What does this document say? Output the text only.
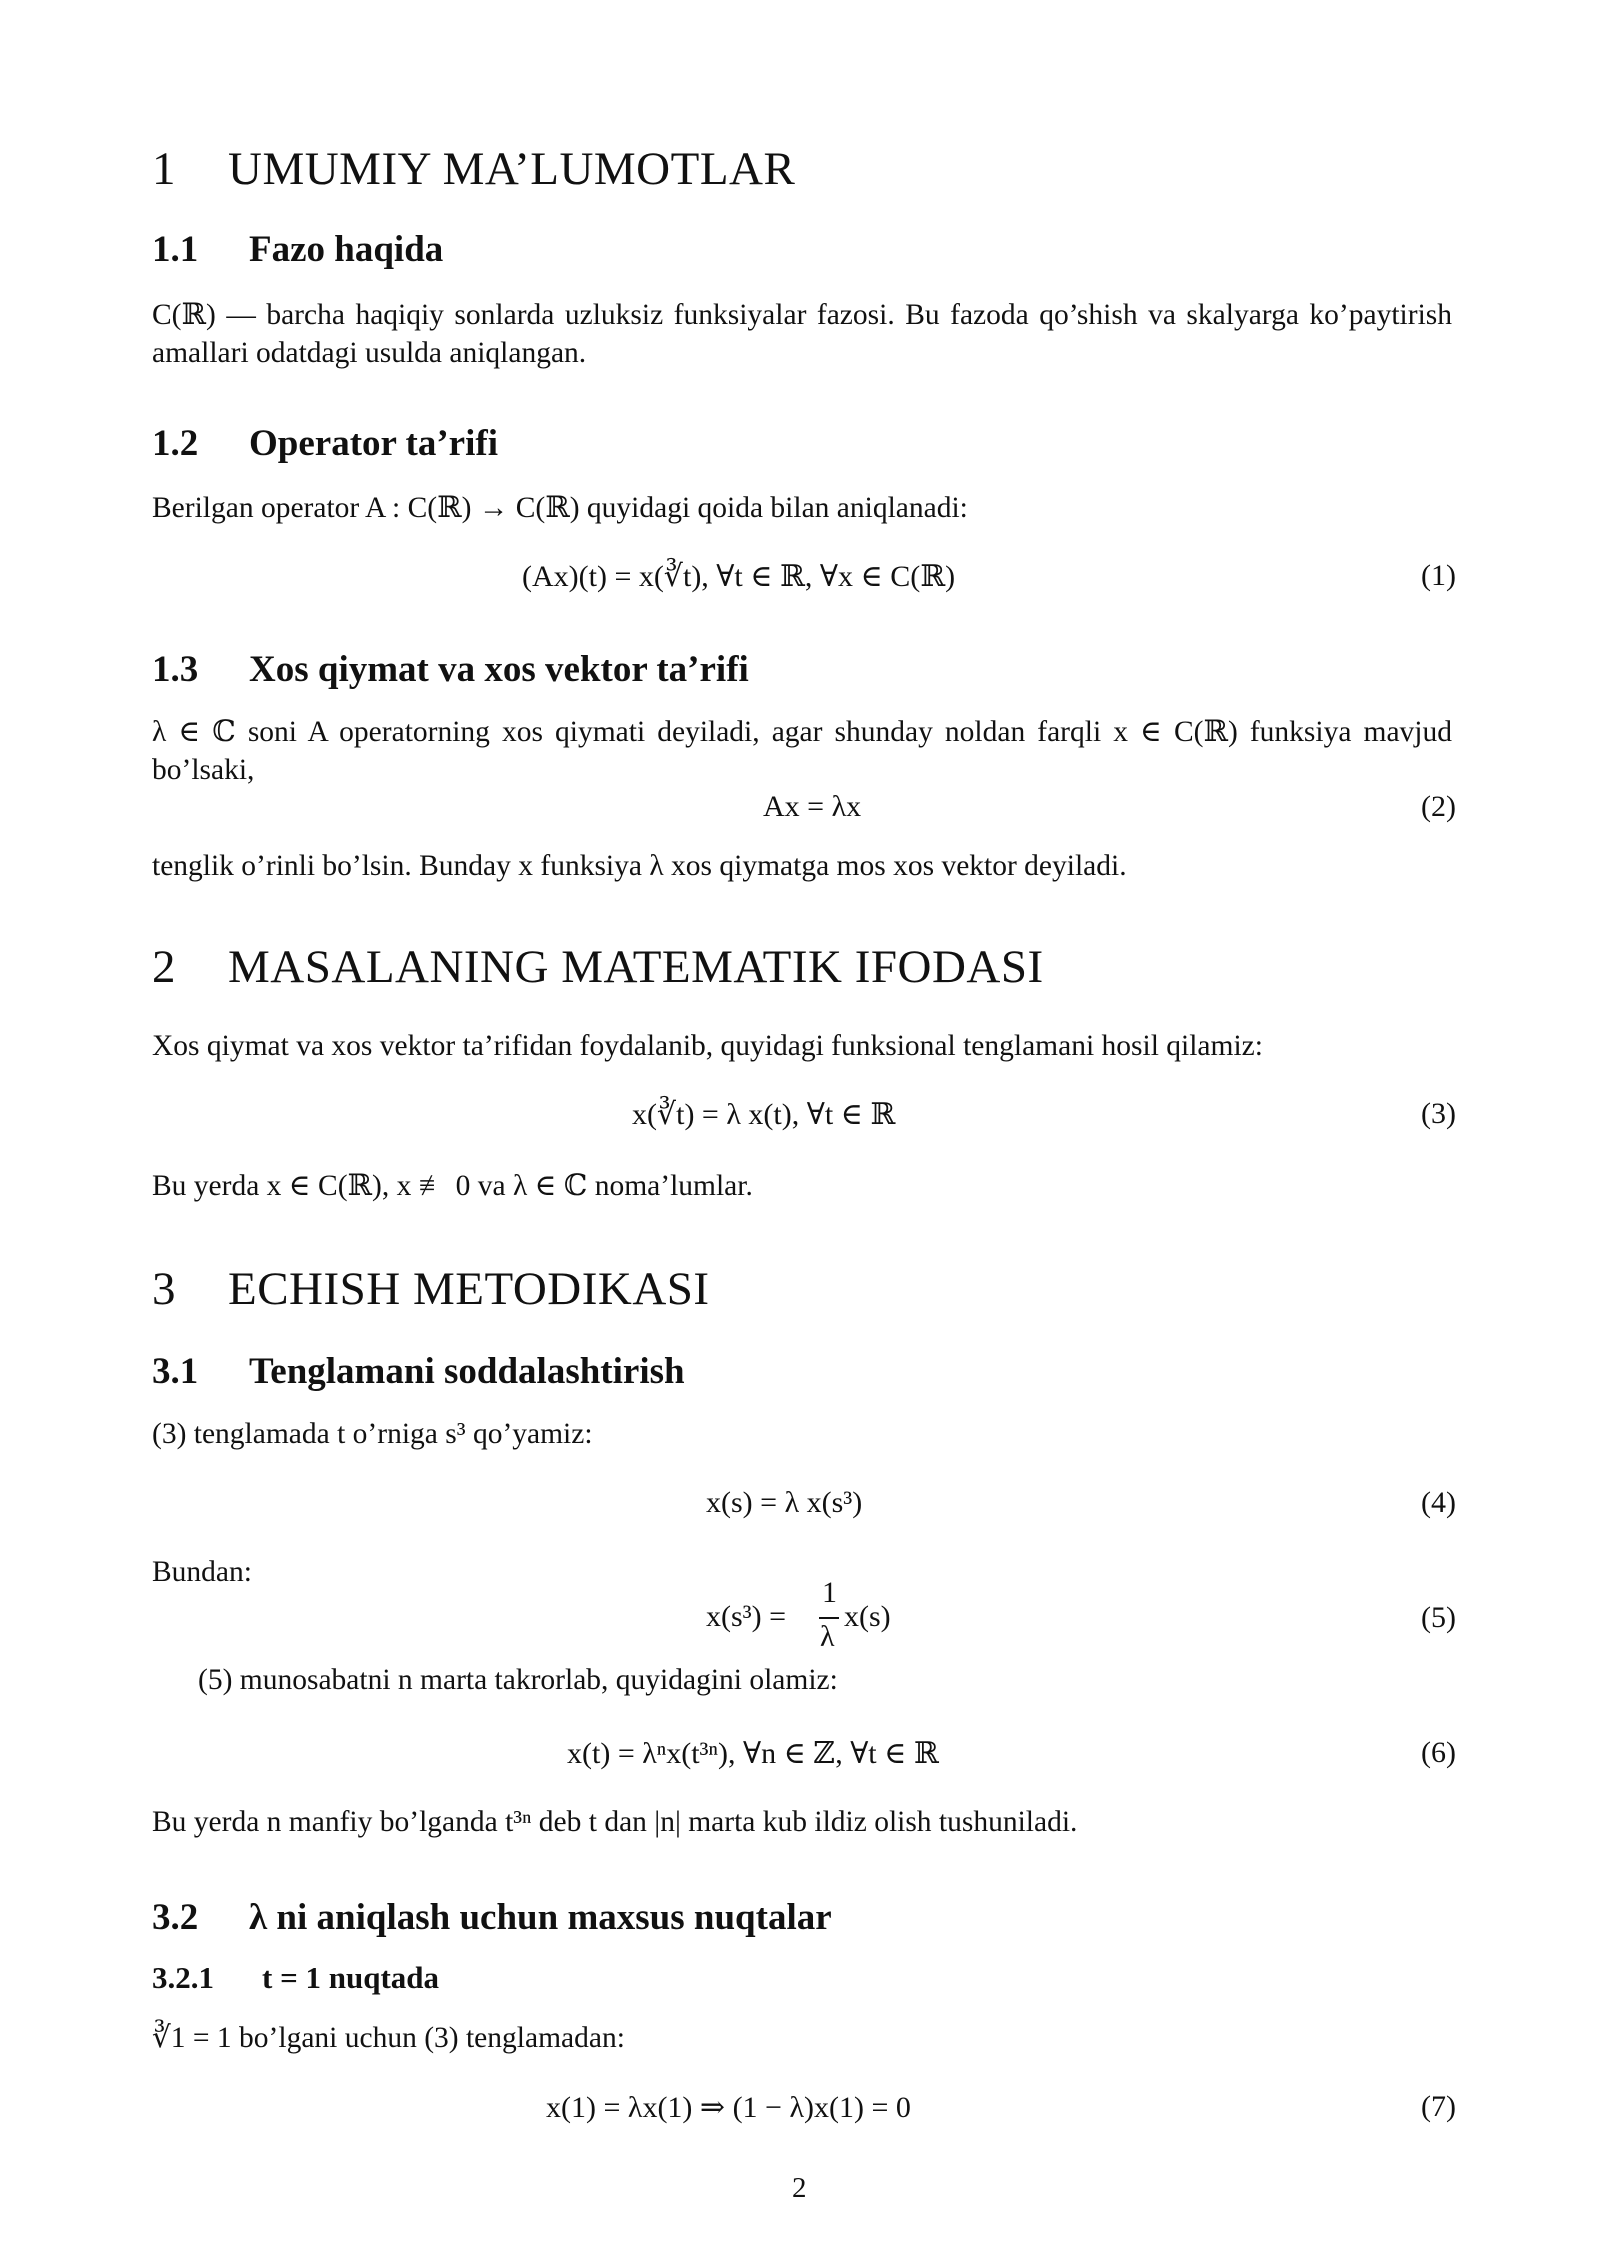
1 UMUMIY MA’LUMOTLAR
1.1 Fazo haqida
C(ℝ) — barcha haqiqiy sonlarda uzluksiz funksiyalar fazosi. Bu fazoda qo’shish va skalyarga ko’paytirish amallari odatdagi usulda aniqlangan.
1.2 Operator ta’rifi
Berilgan operator A : C(ℝ) → C(ℝ) quyidagi qoida bilan aniqlanadi:
(Ax)(t) = x(∛t), ∀t ∈ ℝ, ∀x ∈ C(ℝ)	(1)
1.3 Xos qiymat va xos vektor ta’rifi
λ ∈ ℂ soni A operatorning xos qiymati deyiladi, agar shunday noldan farqli x ∈ C(ℝ) funksiya mavjud bo’lsaki,
Ax = λx	(2)
tenglik o’rinli bo’lsin. Bunday x funksiya λ xos qiymatga mos xos vektor deyiladi.
2 MASALANING MATEMATIK IFODASI
Xos qiymat va xos vektor ta’rifidan foydalanib, quyidagi funksional tenglamani hosil qilamiz:
x(∛t) = λ x(t), ∀t ∈ ℝ	(3)
Bu yerda x ∈ C(ℝ), x ≢ 0 va λ ∈ ℂ noma’lumlar.
3 ECHISH METODIKASI
3.1 Tenglamani soddalashtirish
(3) tenglamada t o’rniga s³ qo’yamiz:
x(s) = λ x(s³)	(4)
Bundan:
x(s³) =
1
λ
x(s)	(5)
(5) munosabatni n marta takrorlab, quyidagini olamiz:
x(t) = λⁿx(t³ⁿ), ∀n ∈ ℤ, ∀t ∈ ℝ	(6)
Bu yerda n manfiy bo’lganda t³ⁿ deb t dan |n| marta kub ildiz olish tushuniladi.
3.2 λ ni aniqlash uchun maxsus nuqtalar
3.2.1 t = 1 nuqtada
∛1 = 1 bo’lgani uchun (3) tenglamadan:
x(1) = λx(1) ⇒ (1 − λ)x(1) = 0	(7)
2
